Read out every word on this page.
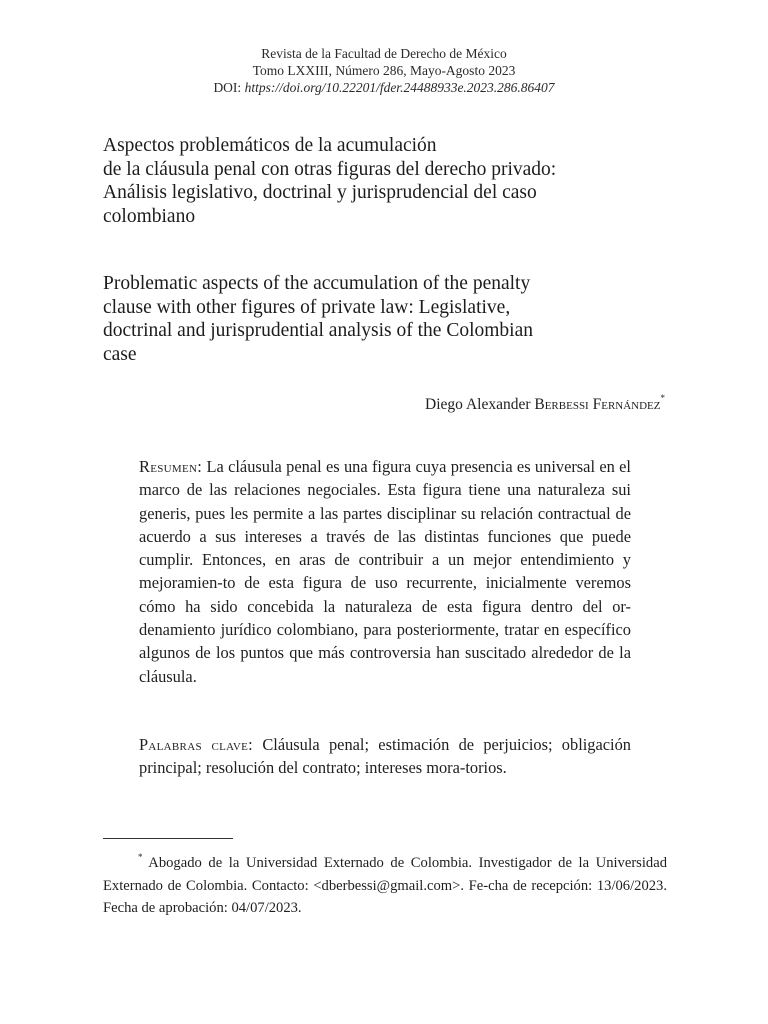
Revista de la Facultad de Derecho de México
Tomo LXXIII, Número 286, Mayo-Agosto 2023
DOI: https://doi.org/10.22201/fder.24488933e.2023.286.86407
Aspectos problemáticos de la acumulación
de la cláusula penal con otras figuras del derecho privado:
Análisis legislativo, doctrinal y jurisprudencial del caso
colombiano
Problematic aspects of the accumulation of the penalty
clause with other figures of private law: Legislative,
doctrinal and jurisprudential analysis of the Colombian
case
Diego Alexander Berbessi Fernández*
Resumen: La cláusula penal es una figura cuya presencia es universal en el marco de las relaciones negociales. Esta figura tiene una naturaleza sui generis, pues les permite a las partes disciplinar su relación contractual de acuerdo a sus intereses a través de las distintas funciones que puede cumplir. Entonces, en aras de contribuir a un mejor entendimiento y mejoramien-to de esta figura de uso recurrente, inicialmente veremos cómo ha sido concebida la naturaleza de esta figura dentro del or-denamiento jurídico colombiano, para posteriormente, tratar en específico algunos de los puntos que más controversia han suscitado alrededor de la cláusula.
Palabras clave: Cláusula penal; estimación de perjuicios; obligación principal; resolución del contrato; intereses mora-torios.
* Abogado de la Universidad Externado de Colombia. Investigador de la Universidad Externado de Colombia. Contacto: <dberbessi@gmail.com>. Fe-cha de recepción: 13/06/2023. Fecha de aprobación: 04/07/2023.
